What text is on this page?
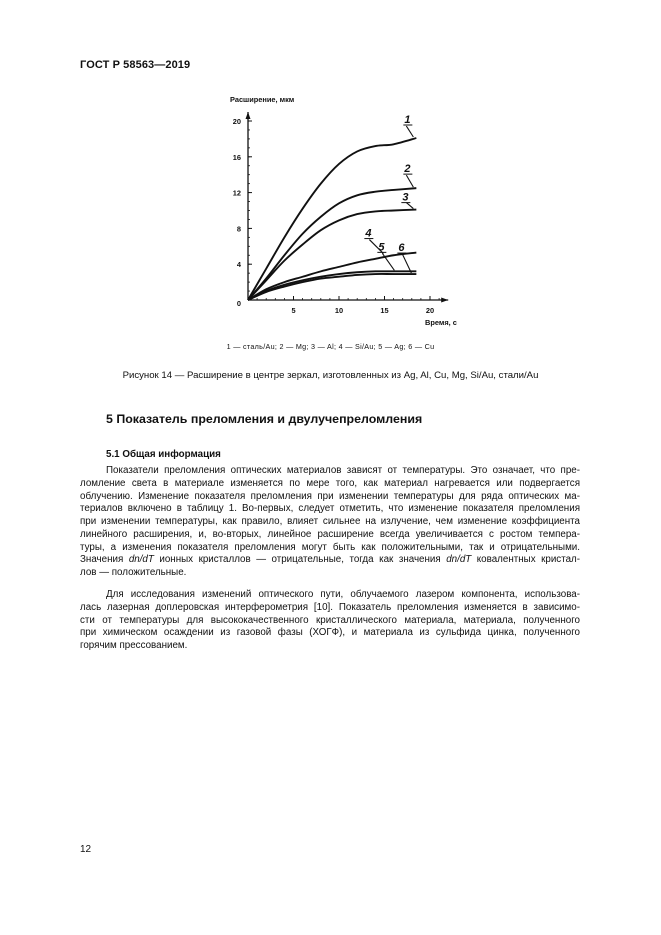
ГОСТ Р 58563—2019
5	10	15	20
0
4
8
12
16
20	1
2
3
4
5 6
Расширение, мкм
Время, с
1 — сталь/Au; 2 — Mg; 3 — Al; 4 — Si/Au; 5 — Ag; 6 — Cu
Рисунок 14 — Расширение в центре зеркал, изготовленных из Ag, Al, Cu, Mg, Si/Au, стали/Au
5 Показатель преломления и двулучепреломления
5.1 Общая информация
Показатели преломления оптических материалов зависят от температуры. Это означает, что пре-
ломление света в материале изменяется по мере того, как материал нагревается или подвергается
облучению. Изменение показателя преломления при изменении температуры для ряда оптических ма-
териалов включено в таблицу 1. Во-первых, следует отметить, что изменение показателя преломления
при изменении температуры, как правило, влияет сильнее на излучение, чем изменение коэффициента
линейного расширения, и, во-вторых, линейное расширение всегда увеличивается с ростом темпера-
туры, а изменения показателя преломления могут быть как положительными, так и отрицательными.
Значения dn/dT ионных кристаллов — отрицательные, тогда как значения dn/dT ковалентных кристал-
лов — положительные.
Для исследования изменений оптического пути, облучаемого лазером компонента, использова-
лась лазерная доплеровская интерферометрия [10]. Показатель преломления изменяется в зависимо-
сти от температуры для высококачественного кристаллического материала, материала, полученного
при химическом осаждении из газовой фазы (ХОГФ), и материала из сульфида цинка, полученного
горячим прессованием.
12
